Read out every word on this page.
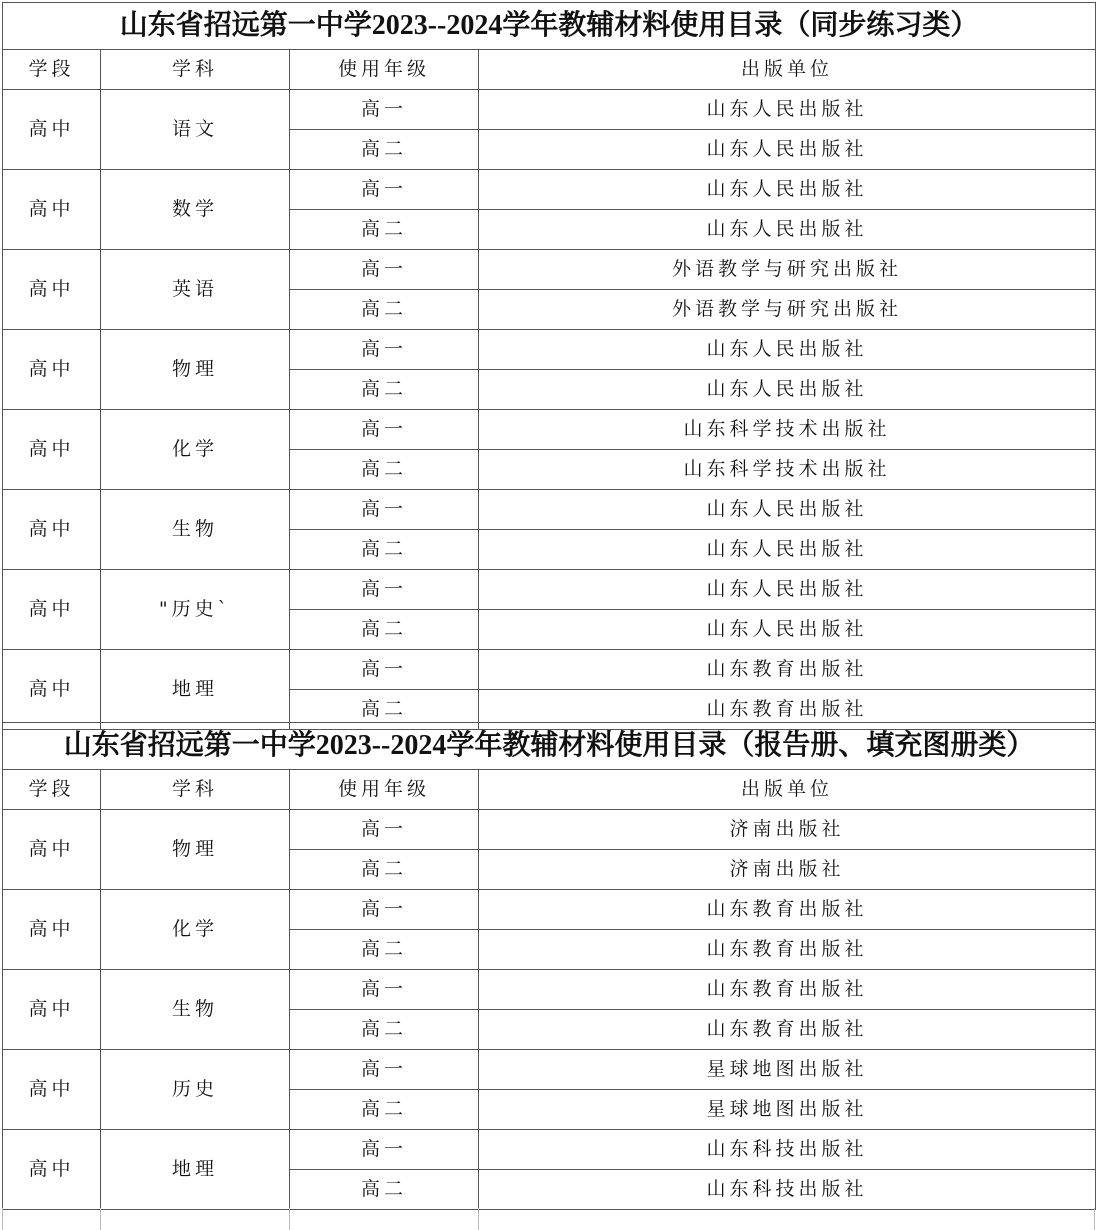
山东省招远第一中学2023--2024学年教辅材料使用目录（同步练习类）			
学段	学科	使用年级	出版单位
高中	语文	高一	山东人民出版社
		高二	山东人民出版社
高中	数学	高一	山东人民出版社
		高二	山东人民出版社
高中	英语	高一	外语教学与研究出版社
		高二	外语教学与研究出版社
高中	物理	高一	山东人民出版社
		高二	山东人民出版社
高中	化学	高一	山东科学技术出版社
		高二	山东科学技术出版社
高中	生物	高一	山东人民出版社
		高二	山东人民出版社
高中	"历史`	高一	山东人民出版社
		高二	山东人民出版社
高中	地理	高一	山东教育出版社
		高二	山东教育出版社
山东省招远第一中学2023--2024学年教辅材料使用目录（报告册、填充图册类）			
学段	学科	使用年级	出版单位
高中	物理	高一	济南出版社
		高二	济南出版社
高中	化学	高一	山东教育出版社
		高二	山东教育出版社
高中	生物	高一	山东教育出版社
		高二	山东教育出版社
高中	历史	高一	星球地图出版社
		高二	星球地图出版社
高中	地理	高一	山东科技出版社
		高二	山东科技出版社
